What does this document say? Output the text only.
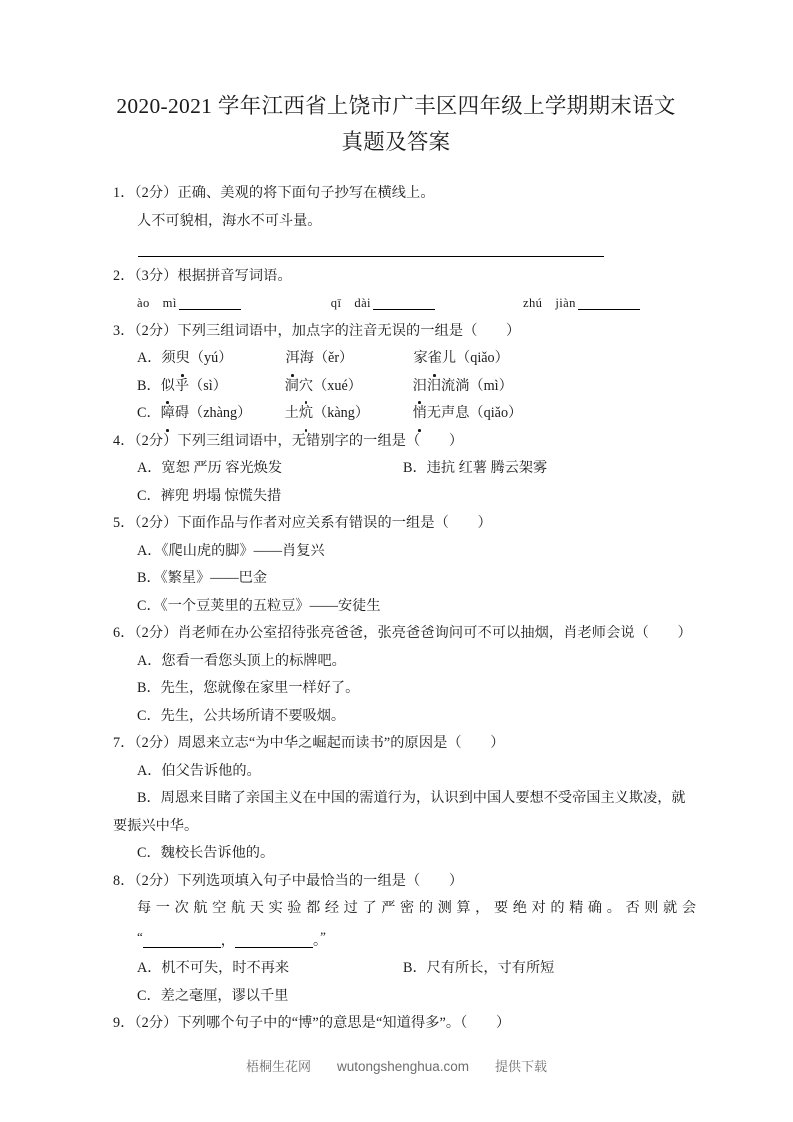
2020-2021 学年江西省上饶市广丰区四年级上学期期末语文
真题及答案
1．（2分）正确、美观的将下面句子抄写在横线上。
人不可貌相，海水不可斗量。
2．（3分）根据拼音写词语。
ào　mì	qī　dài	zhú　jiàn
3．（2分）下列三组词语中，加点字的注音无误的一组是（　　）
A．须臾（yú）	洱海（ěr）	家雀儿（qiǎo）
B．似乎（sì）	洞穴（xué）	汨汨流淌（mì）
C．障碍（zhàng） 土炕（kàng）	悄无声息（qiǎo）
4．（2分）下列三组词语中，无错别字的一组是（　　）
A．宽恕 严历 容光焕发	B．违抗 红薯 腾云架雾
C．裤兜 坍塌 惊慌失措
5．（2分）下面作品与作者对应关系有错误的一组是（　　）
A．《爬山虎的脚》——肖复兴
B．《繁星》——巴金
C．《一个豆荚里的五粒豆》——安徒生
6．（2分）肖老师在办公室招待张亮爸爸，张亮爸爸询问可不可以抽烟，肖老师会说（　　）
A．您看一看您头顶上的标牌吧。
B．先生，您就像在家里一样好了。
C．先生，公共场所请不要吸烟。
7．（2分）周恩来立志“为中华之崛起而读书”的原因是（　　）
A．伯父告诉他的。
B．周恩来目睹了亲国主义在中国的需道行为，认识到中国人要想不受帝国主义欺凌，就
要振兴中华。
C．魏校长告诉他的。
8．（2分）下列选项填入句子中最恰当的一组是（　　）
每一次航空航天实验都经过了严密的测算，要绝对的精确。否则就会
“	，	。”
A．机不可失，时不再来	B．尺有所长，寸有所短
C．差之毫厘，谬以千里
9．（2分）下列哪个句子中的“博”的意思是“知道得多”。（　　）
梧桐生花网 wutongshenghua.com 提供下载
